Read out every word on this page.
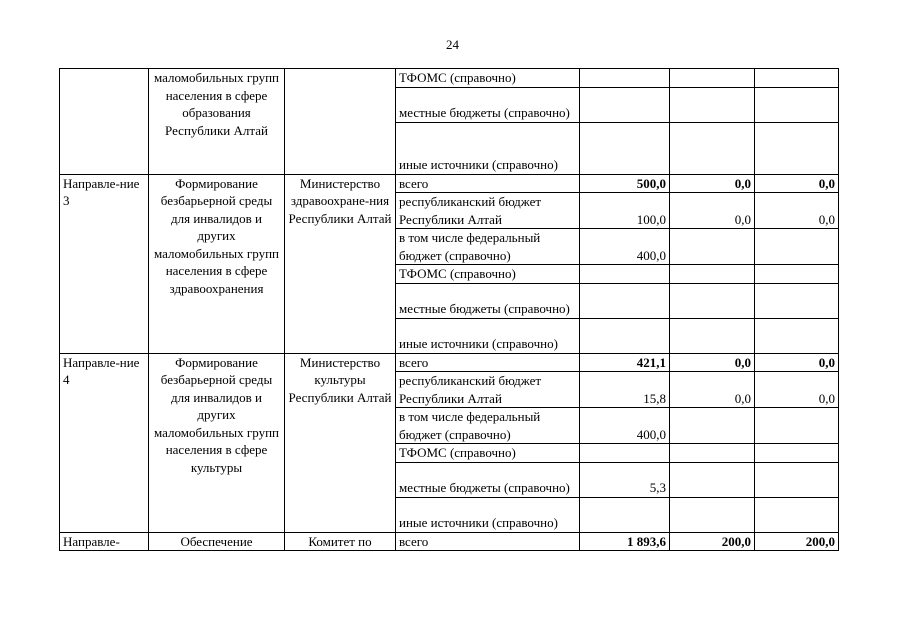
24
	маломобильных групп населения в сфере образования Республики Алтай		ТФОМС (справочно)			
			местные бюджеты (справочно)			
			иные источники (справочно)			
Направле-ние 3	Формирование безбарьерной среды для инвалидов и других маломобильных групп населения в сфере здравоохранения	Министерство здравоохране-ния Республики Алтай	всего	500,0	0,0	0,0
			республиканский бюджет Республики Алтай	100,0	0,0	0,0
			в том числе федеральный бюджет (справочно)	400,0		
			ТФОМС (справочно)			
			местные бюджеты (справочно)			
			иные источники (справочно)			
Направле-ние 4	Формирование безбарьерной среды для инвалидов и других маломобильных групп населения в сфере культуры	Министерство культуры Республики Алтай	всего	421,1	0,0	0,0
			республиканский бюджет Республики Алтай	15,8	0,0	0,0
			в том числе федеральный бюджет (справочно)	400,0		
			ТФОМС (справочно)			
			местные бюджеты (справочно)	5,3		
			иные источники (справочно)			
Направле-	Обеспечение	Комитет по	всего	1 893,6	200,0	200,0
